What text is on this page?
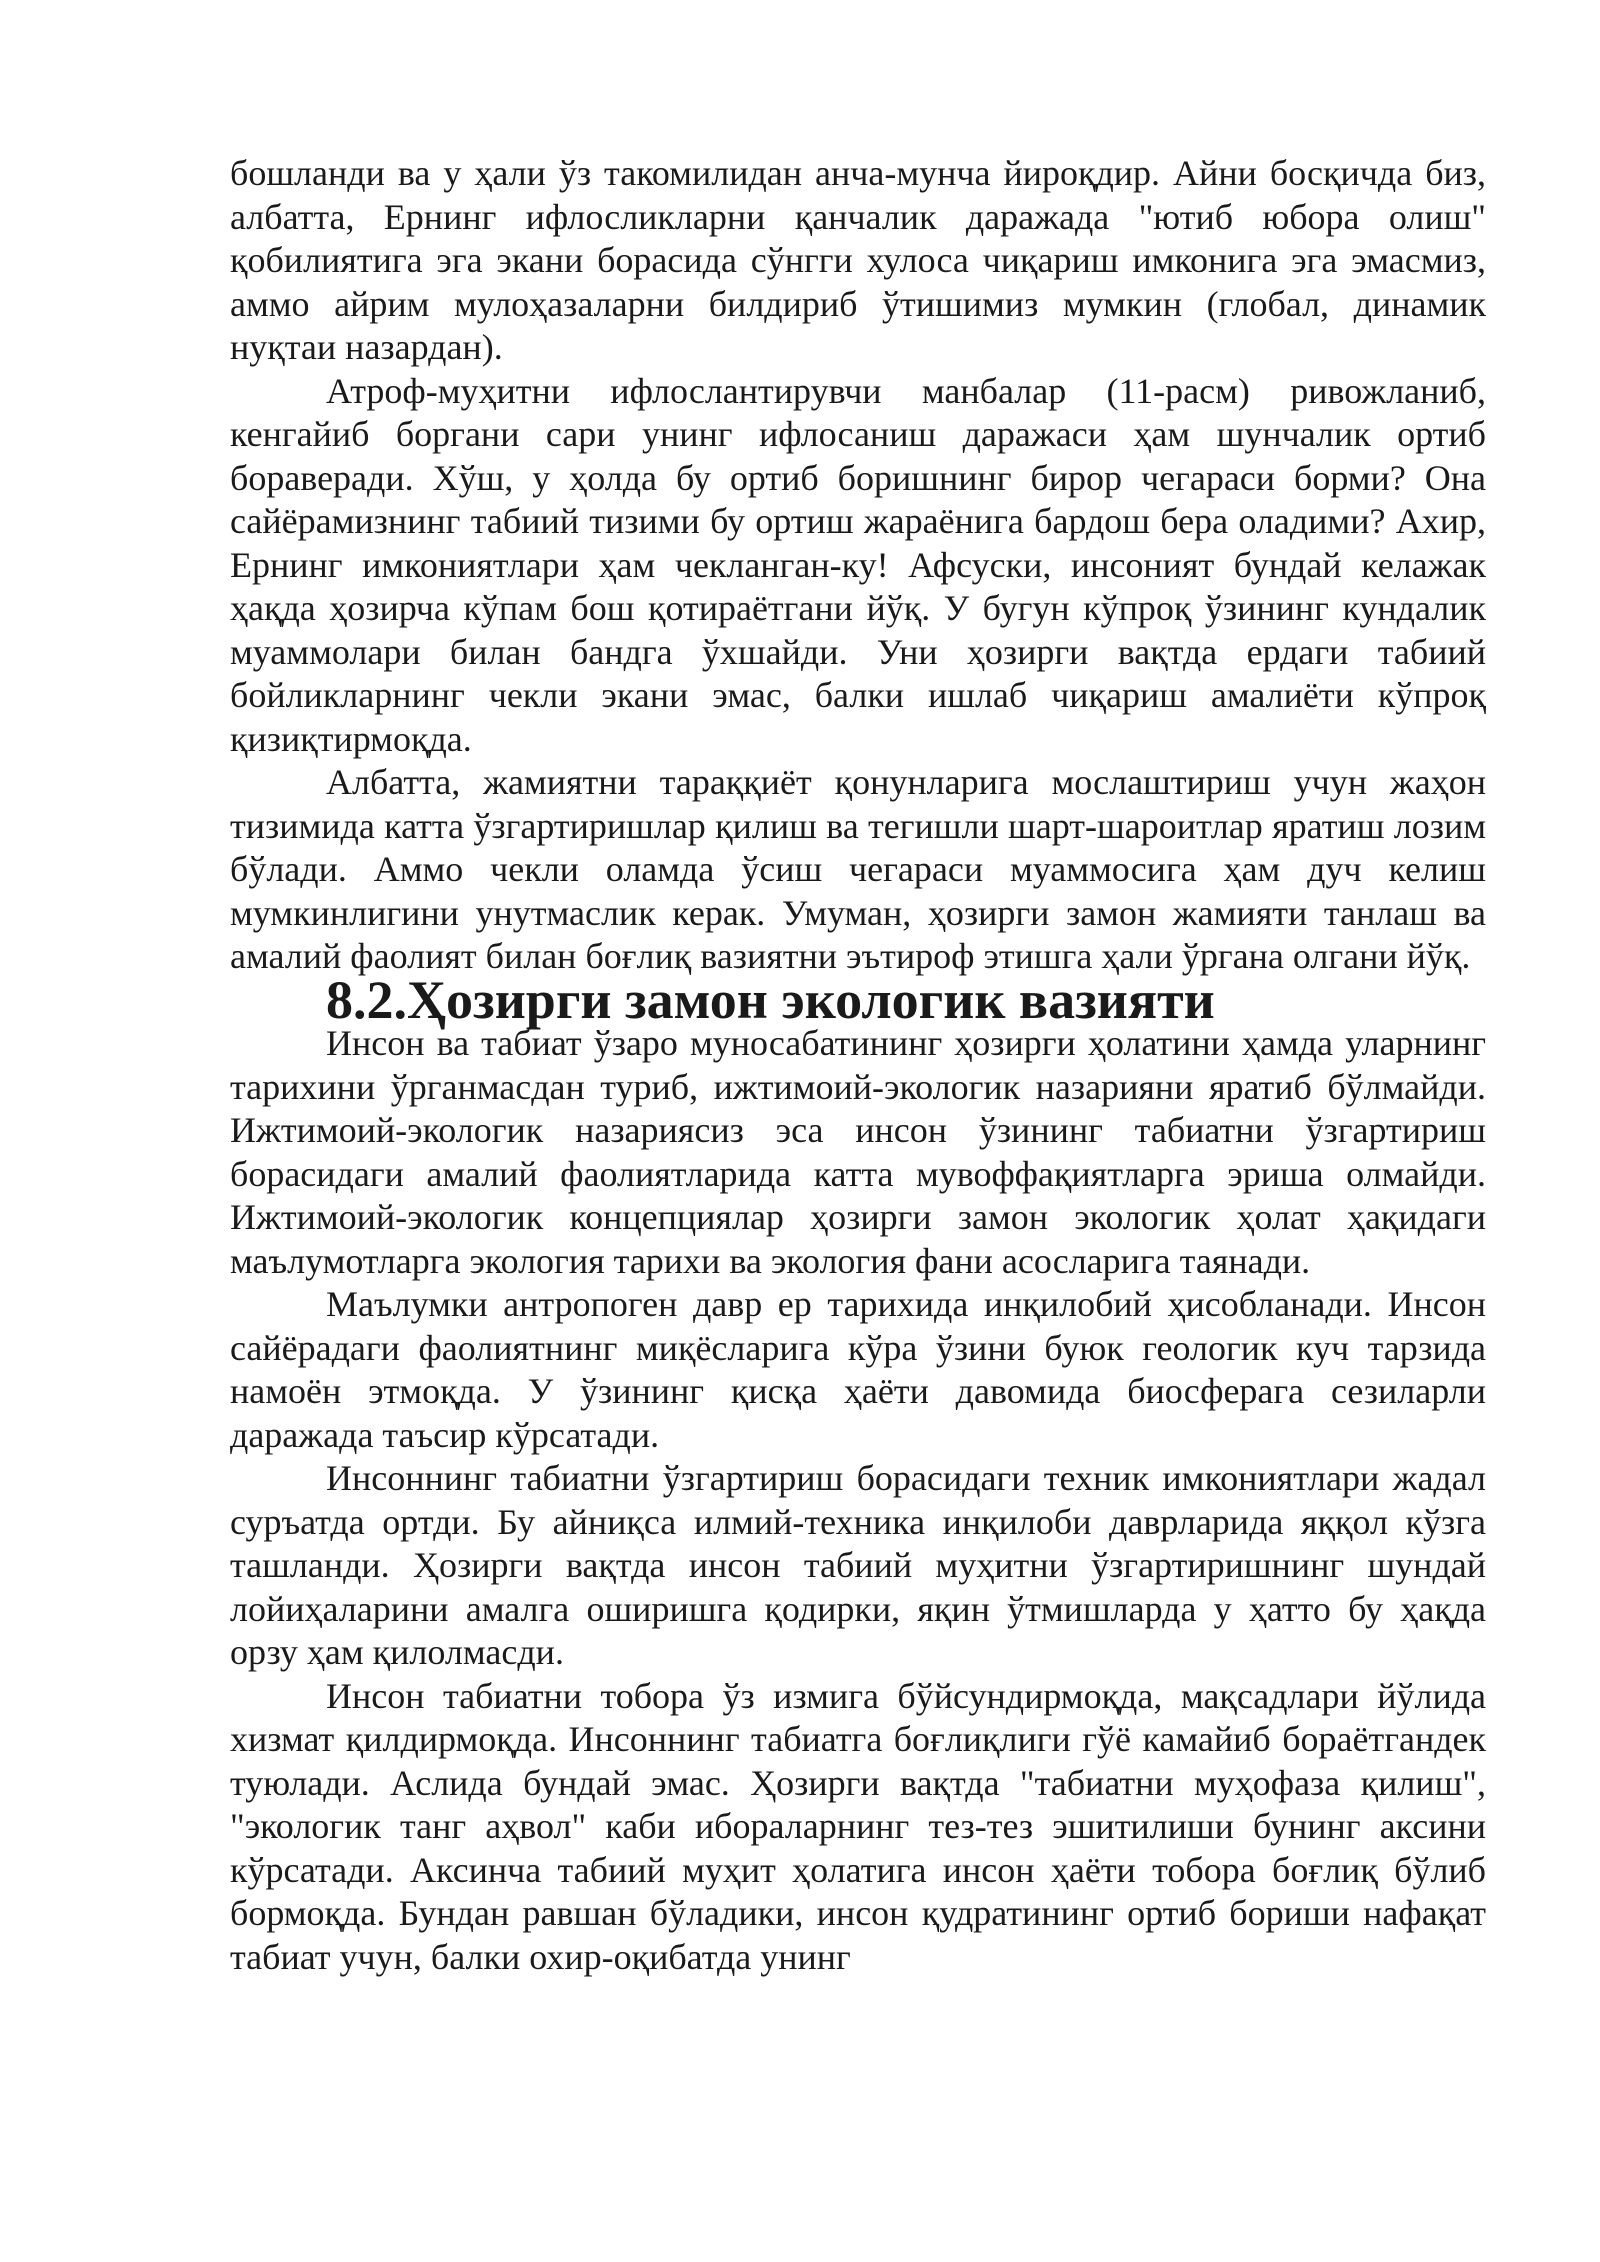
бошланди ва у ҳали ўз такомилидан анча-мунча йироқдир. Айни босқичда биз, албатта, Ернинг ифлосликларни қанчалик даражада "ютиб юбора олиш" қобилиятига эга экани борасида сўнгги хулоса чиқариш имконига эга эмасмиз, аммо айрим мулоҳазаларни билдириб ўтишимиз мумкин (глобал, динамик нуқтаи назардан).

Атроф-муҳитни ифлослантирувчи манбалар (11-расм) ривожланиб, кенгайиб боргани сари унинг ифлосаниш даражаси ҳам шунчалик ортиб бораверади. Хўш, у ҳолда бу ортиб боришнинг бирор чегараси борми? Она сайёрамизнинг табиий тизими бу ортиш жараёнига бардош бера оладими? Ахир, Ернинг имкониятлари ҳам чекланган-ку! Афсуски, инсоният бундай келажак ҳақда ҳозирча кўпам бош қотираётгани йўқ. У бугун кўпроқ ўзининг кундалик муаммолари билан бандга ўхшайди. Уни ҳозирги вақтда ердаги табиий бойликларнинг чекли экани эмас, балки ишлаб чиқариш амалиёти кўпроқ қизиқтирмоқда.

Албатта, жамиятни тараққиёт қонунларига мослаштириш учун жаҳон тизимида катта ўзгартиришлар қилиш ва тегишли шарт-шароитлар яратиш лозим бўлади. Аммо чекли оламда ўсиш чегараси муаммосига ҳам дуч келиш мумкинлигини унутмаслик керак. Умуман, ҳозирги замон жамияти танлаш ва амалий фаолият билан боғлиқ вазиятни эътироф этишга ҳали ўргана олгани йўқ.

8.2.Ҳозирги замон экологик вазияти

Инсон ва табиат ўзаро муносабатининг ҳозирги ҳолатини ҳамда уларнинг тарихини ўрганмасдан туриб, ижтимоий-экологик назарияни яратиб бўлмайди. Ижтимоий-экологик назариясиз эса инсон ўзининг табиатни ўзгартириш борасидаги амалий фаолиятларида катта мувоффақиятларга эриша олмайди. Ижтимоий-экологик концепциялар ҳозирги замон экологик ҳолат ҳақидаги маълумотларга экология тарихи ва экология фани асосларига таянади.

Маълумки антропоген давр ер тарихида инқилобий ҳисобланади. Инсон сайёрадаги фаолиятнинг миқёсларига кўра ўзини буюк геологик куч тарзида намоён этмоқда. У ўзининг қисқа ҳаёти давомида биосферага сезиларли даражада таъсир кўрсатади.

Инсоннинг табиатни ўзгартириш борасидаги техник имкониятлари жадал суръатда ортди. Бу айниқса илмий-техника инқилоби даврларида яққол кўзга ташланди. Ҳозирги вақтда инсон табиий муҳитни ўзгартиришнинг шундай лойиҳаларини амалга оширишга қодирки, яқин ўтмишларда у ҳатто бу ҳақда орзу ҳам қилолмасди.

Инсон табиатни тобора ўз измига бўйсундирмоқда, мақсадлари йўлида хизмат қилдирмоқда. Инсоннинг табиатга боғлиқлиги гўё камайиб бораётгандек туюлади. Аслида бундай эмас. Ҳозирги вақтда "табиатни муҳофаза қилиш", "экологик танг аҳвол" каби ибораларнинг тез-тез эшитилиши бунинг аксини кўрсатади. Аксинча табиий муҳит ҳолатига инсон ҳаёти тобора боғлиқ бўлиб бормоқда. Бундан равшан бўладики, инсон қудратининг ортиб бориши нафақат табиат учун, балки охир-оқибатда унинг
